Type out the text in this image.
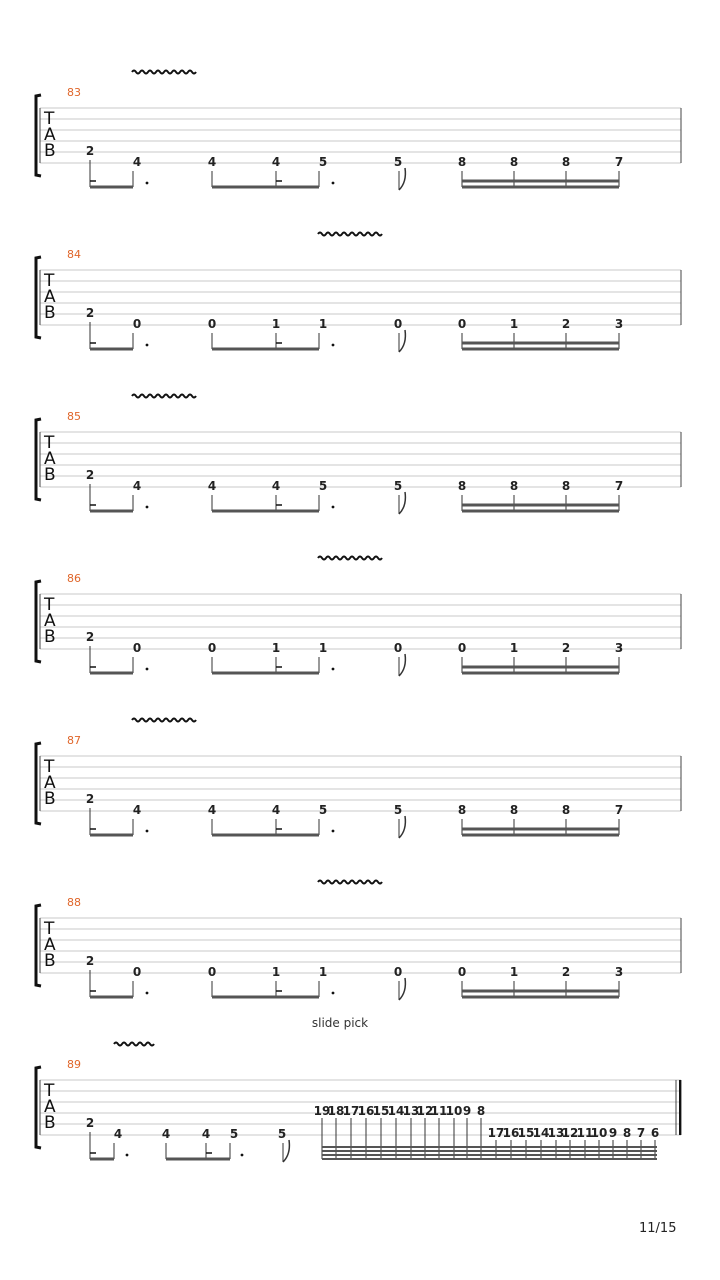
T
A
B
83
2
4	4	4	5	5	8	8	8	7
T
A
B
84
2
0	0	1	1	0	0	1	2	3
T
A
B
85
2
4	4	4	5	5	8	8	8	7
T
A
B
86
2
0	0	1	1	0	0	1	2	3
T
A
B
87
2
4	4	4	5	5	8	8	8	7
T
A
B
88
2
0	0	1	1	0	0	1	2	3
T
A
B
89
slide pick
2
4	4	4 5	5
19
18
17
16
15
14
13
12
11
10 9 8
17
16
15
14
13
12
11
10 9 8 7 6
11/15
